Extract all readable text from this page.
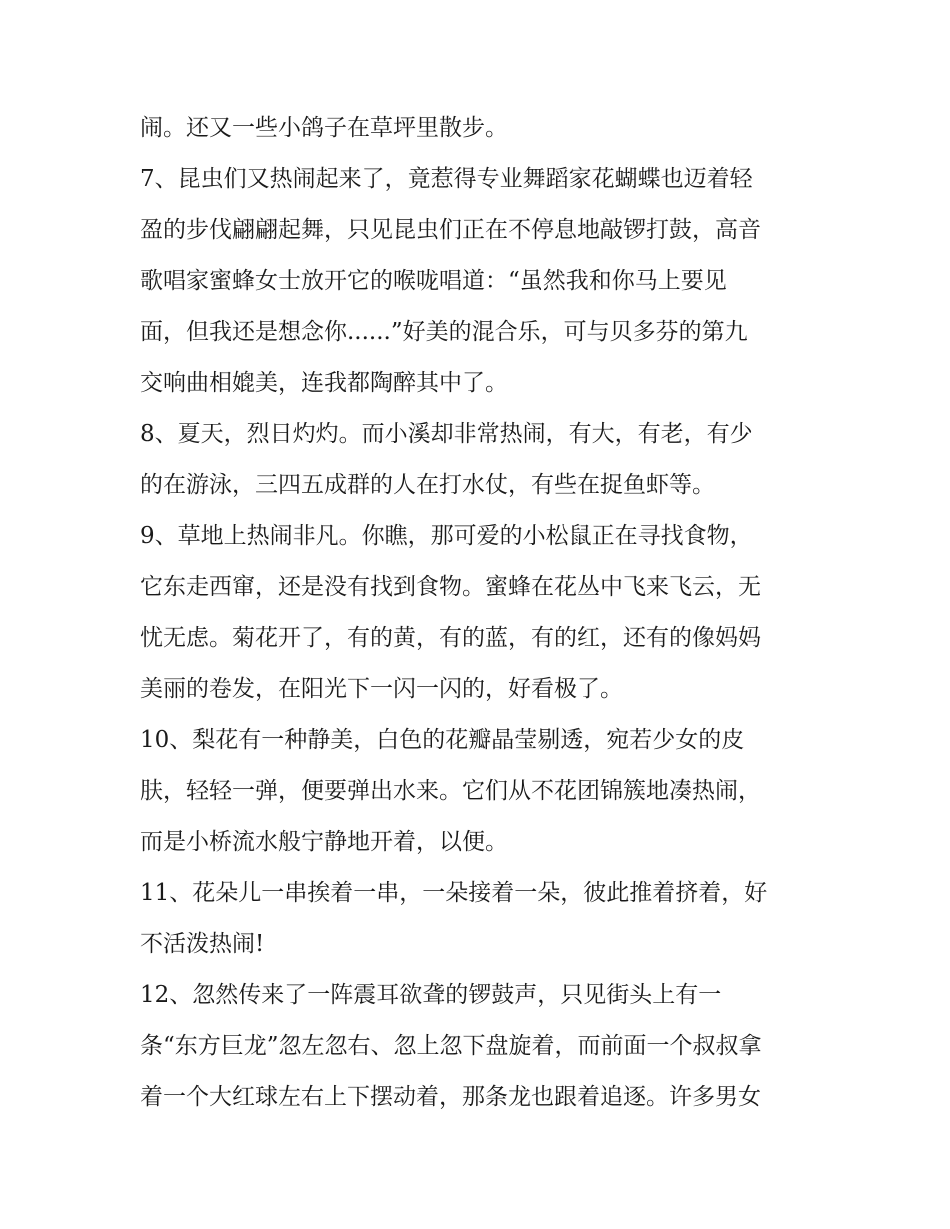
闹。还又一些小鸽子在草坪里散步。
7、昆虫们又热闹起来了，竟惹得专业舞蹈家花蝴蝶也迈着轻
盈的步伐翩翩起舞，只见昆虫们正在不停息地敲锣打鼓，高音
歌唱家蜜蜂女士放开它的喉咙唱道：“虽然我和你马上要见
面，但我还是想念你......”好美的混合乐，可与贝多芬的第九
交响曲相媲美，连我都陶醉其中了。
8、夏天，烈日灼灼。而小溪却非常热闹，有大，有老，有少
的在游泳，三四五成群的人在打水仗，有些在捉鱼虾等。
9、草地上热闹非凡。你瞧，那可爱的小松鼠正在寻找食物，
它东走西窜，还是没有找到食物。蜜蜂在花丛中飞来飞云，无
忧无虑。菊花开了，有的黄，有的蓝，有的红，还有的像妈妈
美丽的卷发，在阳光下一闪一闪的，好看极了。
10、梨花有一种静美，白色的花瓣晶莹剔透，宛若少女的皮
肤，轻轻一弹，便要弹出水来。它们从不花团锦簇地凑热闹，
而是小桥流水般宁静地开着，以便。
11、花朵儿一串挨着一串，一朵接着一朵，彼此推着挤着，好
不活泼热闹!
12、忽然传来了一阵震耳欲聋的锣鼓声，只见街头上有一
条“东方巨龙”忽左忽右、忽上忽下盘旋着，而前面一个叔叔拿
着一个大红球左右上下摆动着，那条龙也跟着追逐。许多男女
